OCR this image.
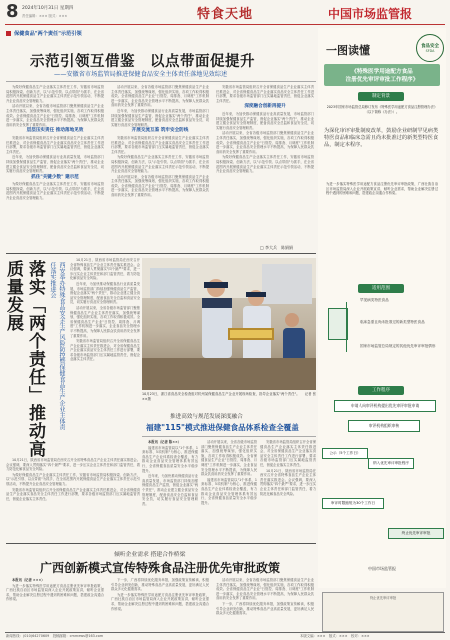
8 2024年10月31日 星期四
责任编辑：××× 版式：×××	特食天地	中国市场监管报
保健食品"两个责任"示范引领
示范引领互借鉴　以点带面促提升
——安徽省市场监管局推进保健食品安全主体责任落地见效综述

为做好保健食品生产企业落实主体责任工作，安徽省市场监管局积极探索、创新方法，以"示范引领、以点带面"为抓手，在全省范围内开展保健食品生产企业落实主体责任示范引领活动，不断提升企业食品安全管理能力。

活动开展以来，全省各级市场监管部门聚焦保健食品生产企业主体责任落实，加强统筹谋划，强化组织实施，各项工作取得积极成效。全省保健食品生产企业"日管控、周排查、月调度"工作机制进一步落实，企业食品安全管理水平不断提高，为保障人民群众饮食用药安全发挥了重要作用。

层层压实责任 推动落地见效

安徽省市场监管局组织召开全省保健食品生产企业落实主体责任推进会，对全省保健食品生产企业落实食品安全主体责任工作进行部署，要求各级市场监管部门压实属地监管责任，督促企业落实主体责任。

近年来，为加快推动保健食品行业高质量发展，市场监管部门持续加强保健食品生产监管，督促企业落实"两个责任"，推动企业建立健全食品安全管理制度，配备食品安全总监和食品安全员，切实履行食品安全管理职责。

抓住"关键少数" 建示范

为做好保健食品生产企业落实主体责任工作，安徽省市场监管局积极探索、创新方法，以"示范引领、以点带面"为抓手，在全省范围内开展保健食品生产企业落实主体责任示范引领活动，不断提升企业食品安全管理能力。

活动开展以来，全省各级市场监管部门聚焦保健食品生产企业主体责任落实，加强统筹谋划，强化组织实施，各项工作取得积极成效。全省保健食品生产企业"日管控、周排查、月调度"工作机制进一步落实，企业食品安全管理水平不断提高，为保障人民群众饮食用药安全发挥了重要作用。

近年来，为加快推动保健食品行业高质量发展，市场监管部门持续加强保健食品生产监管，督促企业落实"两个责任"，推动企业建立健全食品安全管理制度，配备食品安全总监和食品安全员，切实履行食品安全管理职责。

开展交流互鉴 筑牢安全防线

安徽省市场监管局组织召开全省保健食品生产企业落实主体责任推进会，对全省保健食品生产企业落实食品安全主体责任工作进行部署，要求各级市场监管部门压实属地监管责任，督促企业落实主体责任。

为做好保健食品生产企业落实主体责任工作，安徽省市场监管局积极探索、创新方法，以"示范引领、以点带面"为抓手，在全省范围内开展保健食品生产企业落实主体责任示范引领活动，不断提升企业食品安全管理能力。

活动开展以来，全省各级市场监管部门聚焦保健食品生产企业主体责任落实，加强统筹谋划，强化组织实施，各项工作取得积极成效。全省保健食品生产企业"日管控、周排查、月调度"工作机制进一步落实，企业食品安全管理水平不断提高，为保障人民群众饮食用药安全发挥了重要作用。

安徽省市场监管局组织召开全省保健食品生产企业落实主体责任推进会，对全省保健食品生产企业落实食品安全主体责任工作进行部署，要求各级市场监管部门压实属地监管责任，督促企业落实主体责任。

深度融合创新再提升

近年来，为加快推动保健食品行业高质量发展，市场监管部门持续加强保健食品生产监管，督促企业落实"两个责任"，推动企业建立健全食品安全管理制度，配备食品安全总监和食品安全员，切实履行食品安全管理职责。

活动开展以来，全省各级市场监管部门聚焦保健食品生产企业主体责任落实，加强统筹谋划，强化组织实施，各项工作取得积极成效。全省保健食品生产企业"日管控、周排查、月调度"工作机制进一步落实，企业食品安全管理水平不断提高，为保障人民群众饮食用药安全发挥了重要作用。

为做好保健食品生产企业落实主体责任工作，安徽省市场监管局积极探索、创新方法，以"示范引领、以点带面"为抓手，在全省范围内开展保健食品生产企业落实主体责任示范引领活动，不断提升企业食品安全管理能力。

□ 李大兵　陈娟娟
一图读懂	食品安全
SFDA
《特殊医学用途配方食品
注册优先审评审批工作程序》
制定背景
2023年国家市场监管总局修订发布《特殊医学用途配方食品注册管理办法》（以下简称《办法》）。
为深化审评审批制度改革，鼓励企业研制罕见病类特医食品和临床急需且尚未批准过的新类型特医食品，制定本程序。
为进一步落实特殊医学用途配方食品注册优先审评审批政策，广西壮族自治区市场监管局深入企业开展政策宣讲，倾听企业需求，帮助企业解决注册过程中遇到的困难和问题，搭建政企沟通合作桥梁。
适用范围
罕见病类特医食品
临床急需且尚未批准过的新类型特医食品
国家市场监管总局规定的其他优先审评审批情形
工作程序
申请人向审评机构提出优先审评审批申请
审评机构组织审核
公示（5个工作日）
纳入优先审评审批程序
审评时限缩短为30个工作日
终止优先审评审批
中国市场监管报
落实「两个责任」推动高质量发展	西安举办特殊食品安全生产风险防控暨保健食品生产企业主体责任落实推进会

10月21日，陕西省市场监管局在西安召开全省特殊食品生产企业主体责任落实推进会。会议强调，要深入贯彻落实"四个最严"要求，进一步压实企业主体责任和部门监管责任，着力防范化解食品安全风险。

近年来，为加快推动保健食品行业高质量发展，市场监管部门持续加强保健食品生产监管，督促企业落实"两个责任"，推动企业建立健全食品安全管理制度，配备食品安全总监和食品安全员，切实履行食品安全管理职责。

活动开展以来，全省各级市场监管部门聚焦保健食品生产企业主体责任落实，加强统筹谋划，强化组织实施，各项工作取得积极成效。全省保健食品生产企业"日管控、周排查、月调度"工作机制进一步落实，企业食品安全管理水平不断提高，为保障人民群众饮食用药安全发挥了重要作用。

安徽省市场监管局组织召开全省保健食品生产企业落实主体责任推进会，对全省保健食品生产企业落实食品安全主体责任工作进行部署，要求各级市场监管部门压实属地监管责任，督促企业落实主体责任。

10月23日，浙江省食品安全检查组对杭州某保健食品生产企业开展现场检查，指导企业落实"两个责任"。 记者 张××摄
推进高效与规范发展深度融合
福建"115"模式推进保健食品体系检查全覆盖

本报讯（记者 陈××）

福建省市场监管局以"1个体系、1套标准、5项机制"为核心，推进保健食品生产企业体系检查全覆盖，有力推动企业食品安全管理体系有效运行，全省保健食品质量安全水平稳步提升。

近年来，为加快推动保健食品行业高质量发展，市场监管部门持续加强保健食品生产监管，督促企业落实"两个责任"，推动企业建立健全食品安全管理制度，配备食品安全总监和食品安全员，切实履行食品安全管理职责。

活动开展以来，全省各级市场监管部门聚焦保健食品生产企业主体责任落实，加强统筹谋划，强化组织实施，各项工作取得积极成效。全省保健食品生产企业"日管控、周排查、月调度"工作机制进一步落实，企业食品安全管理水平不断提高，为保障人民群众饮食用药安全发挥了重要作用。

福建省市场监管局以"1个体系、1套标准、5项机制"为核心，推进保健食品生产企业体系检查全覆盖，有力推动企业食品安全管理体系有效运行，全省保健食品质量安全水平稳步提升。

安徽省市场监管局组织召开全省保健食品生产企业落实主体责任推进会，对全省保健食品生产企业落实食品安全主体责任工作进行部署，要求各级市场监管部门压实属地监管责任，督促企业落实主体责任。

10月21日，陕西省市场监管局在西安召开全省特殊食品生产企业主体责任落实推进会。会议强调，要深入贯彻落实"四个最严"要求，进一步压实企业主体责任和部门监管责任，着力防范化解食品安全风险。

10月21日，陕西省市场监管局在西安召开全省特殊食品生产企业主体责任落实推进会。会议强调，要深入贯彻落实"四个最严"要求，进一步压实企业主体责任和部门监管责任，着力防范化解食品安全风险。

为做好保健食品生产企业落实主体责任工作，安徽省市场监管局积极探索、创新方法，以"示范引领、以点带面"为抓手，在全省范围内开展保健食品生产企业落实主体责任示范引领活动，不断提升企业食品安全管理能力。

安徽省市场监管局组织召开全省保健食品生产企业落实主体责任推进会，对全省保健食品生产企业落实食品安全主体责任工作进行部署，要求各级市场监管部门压实属地监管责任，督促企业落实主体责任。

倾听企业需求 搭建合作桥梁
广西创新模式宣传特殊食品注册优先审批政策

本报讯（记者 ×××）

为进一步落实特殊医学用途配方食品注册优先审评审批政策，广西壮族自治区市场监管局深入企业开展政策宣讲，倾听企业需求，帮助企业解决注册过程中遇到的困难和问题，搭建政企沟通合作桥梁。

下一步，广西将持续优化服务举措，加强政策宣传解读，积极引导企业研发创新，推动特殊食品产业高质量发展，更好满足人民群众多元化健康需求。

为进一步落实特殊医学用途配方食品注册优先审评审批政策，广西壮族自治区市场监管局深入企业开展政策宣讲，倾听企业需求，帮助企业解决注册过程中遇到的困难和问题，搭建政企沟通合作桥梁。

活动开展以来，全省各级市场监管部门聚焦保健食品生产企业主体责任落实，加强统筹谋划，强化组织实施，各项工作取得积极成效。全省保健食品生产企业"日管控、周排查、月调度"工作机制进一步落实，企业食品安全管理水平不断提高，为保障人民群众饮食用药安全发挥了重要作用。

下一步，广西将持续优化服务举措，加强政策宣传解读，积极引导企业研发创新，推动特殊食品产业高质量发展，更好满足人民群众多元化健康需求。

终止优先审评审批
新闻热线：(010)64270609　投稿邮箱：cmrnews@163.com	本版文编：×××　版式：×××　校对：×××
